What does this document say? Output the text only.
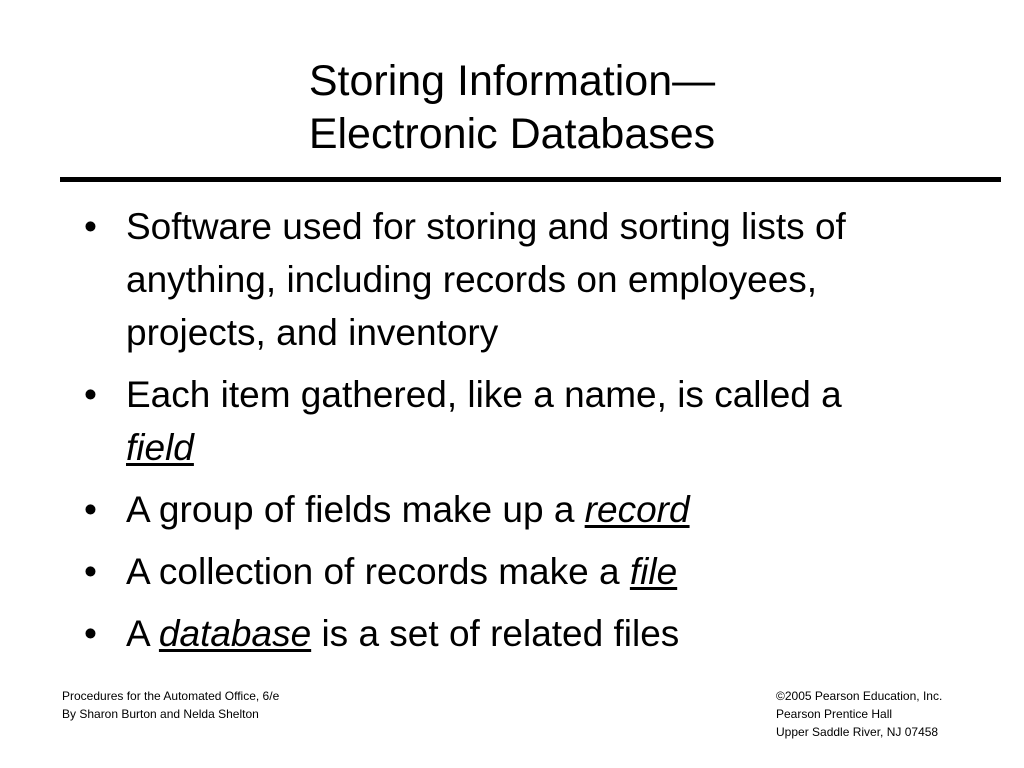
Storing Information—
Electronic Databases
• Software used for storing and sorting lists of anything, including records on employees, projects, and inventory
• Each item gathered, like a name, is called a field
• A group of fields make up a record
• A collection of records make a file
• A database is a set of related files
Procedures for the Automated Office, 6/e
By Sharon Burton and Nelda Shelton
©2005 Pearson Education, Inc.
Pearson Prentice Hall
Upper Saddle River, NJ 07458
